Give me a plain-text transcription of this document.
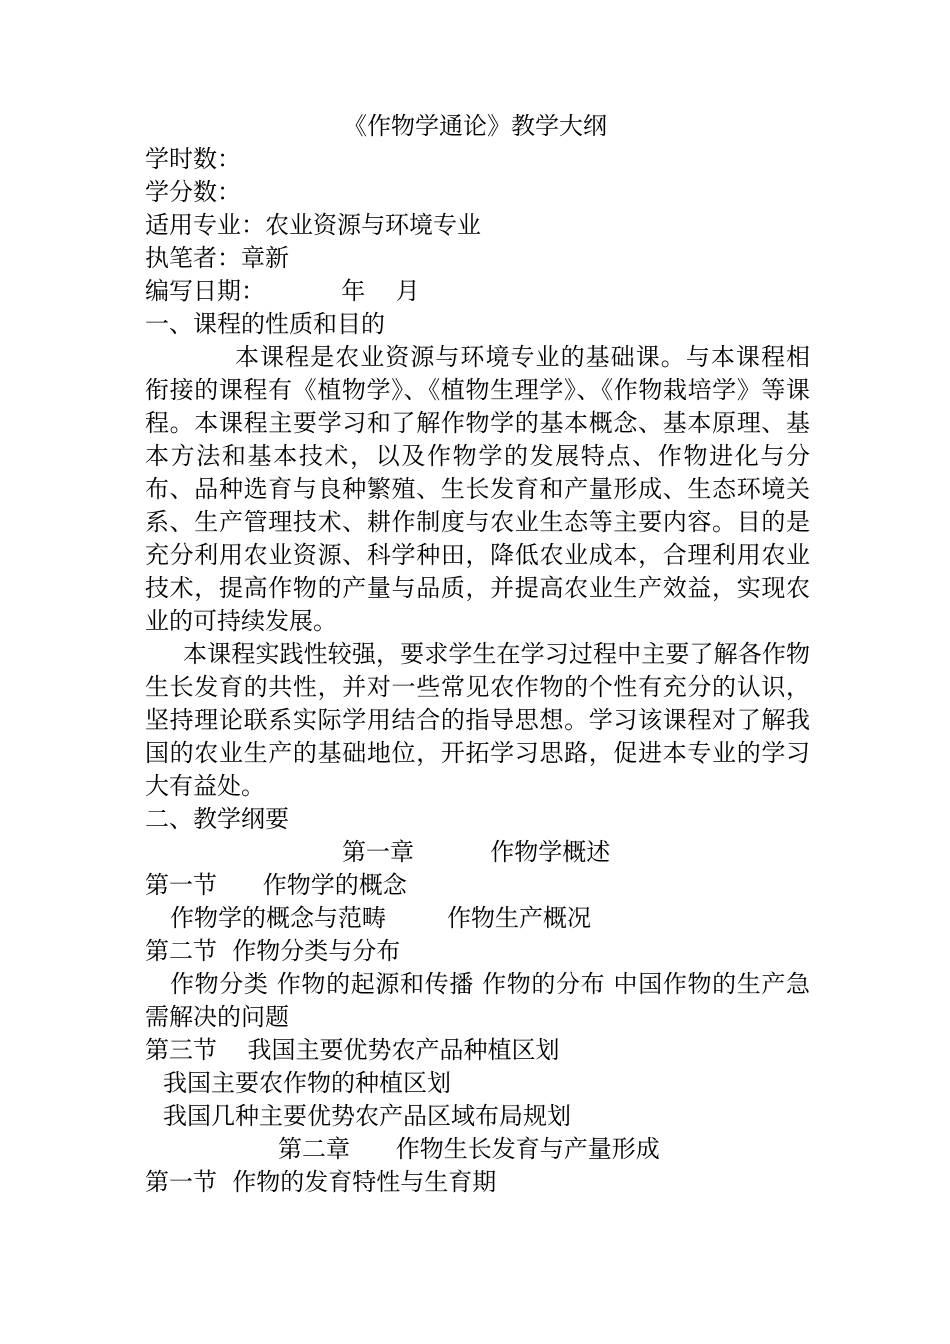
《作物学通论》教学大纲
学时数：
学分数：
适用专业：农业资源与环境专业
执笔者：章新
编写日期：          年    月
一、课程的性质和目的
本课程是农业资源与环境专业的基础课。与本课程相衔接的课程有《植物学》、《植物生理学》、《作物栽培学》等课程。本课程主要学习和了解作物学的基本概念、基本原理、基本方法和基本技术，以及作物学的发展特点、作物进化与分布、品种选育与良种繁殖、生长发育和产量形成、生态环境关系、生产管理技术、耕作制度与农业生态等主要内容。目的是充分利用农业资源、科学种田，降低农业成本，合理利用农业技术，提高作物的产量与品质，并提高农业生产效益，实现农业的可持续发展。
本课程实践性较强，要求学生在学习过程中主要了解各作物生长发育的共性，并对一些常见农作物的个性有充分的认识，坚持理论联系实际学用结合的指导思想。学习该课程对了解我国的农业生产的基础地位，开拓学习思路，促进本专业的学习大有益处。
二、教学纲要
第一章          作物学概述
第一节      作物学的概念
作物学的概念与范畴        作物生产概况
第二节  作物分类与分布
作物分类 作物的起源和传播 作物的分布 中国作物的生产急需解决的问题
第三节    我国主要优势农产品种植区划
我国主要农作物的种植区划
我国几种主要优势农产品区域布局规划
第二章      作物生长发育与产量形成
第一节  作物的发育特性与生育期
